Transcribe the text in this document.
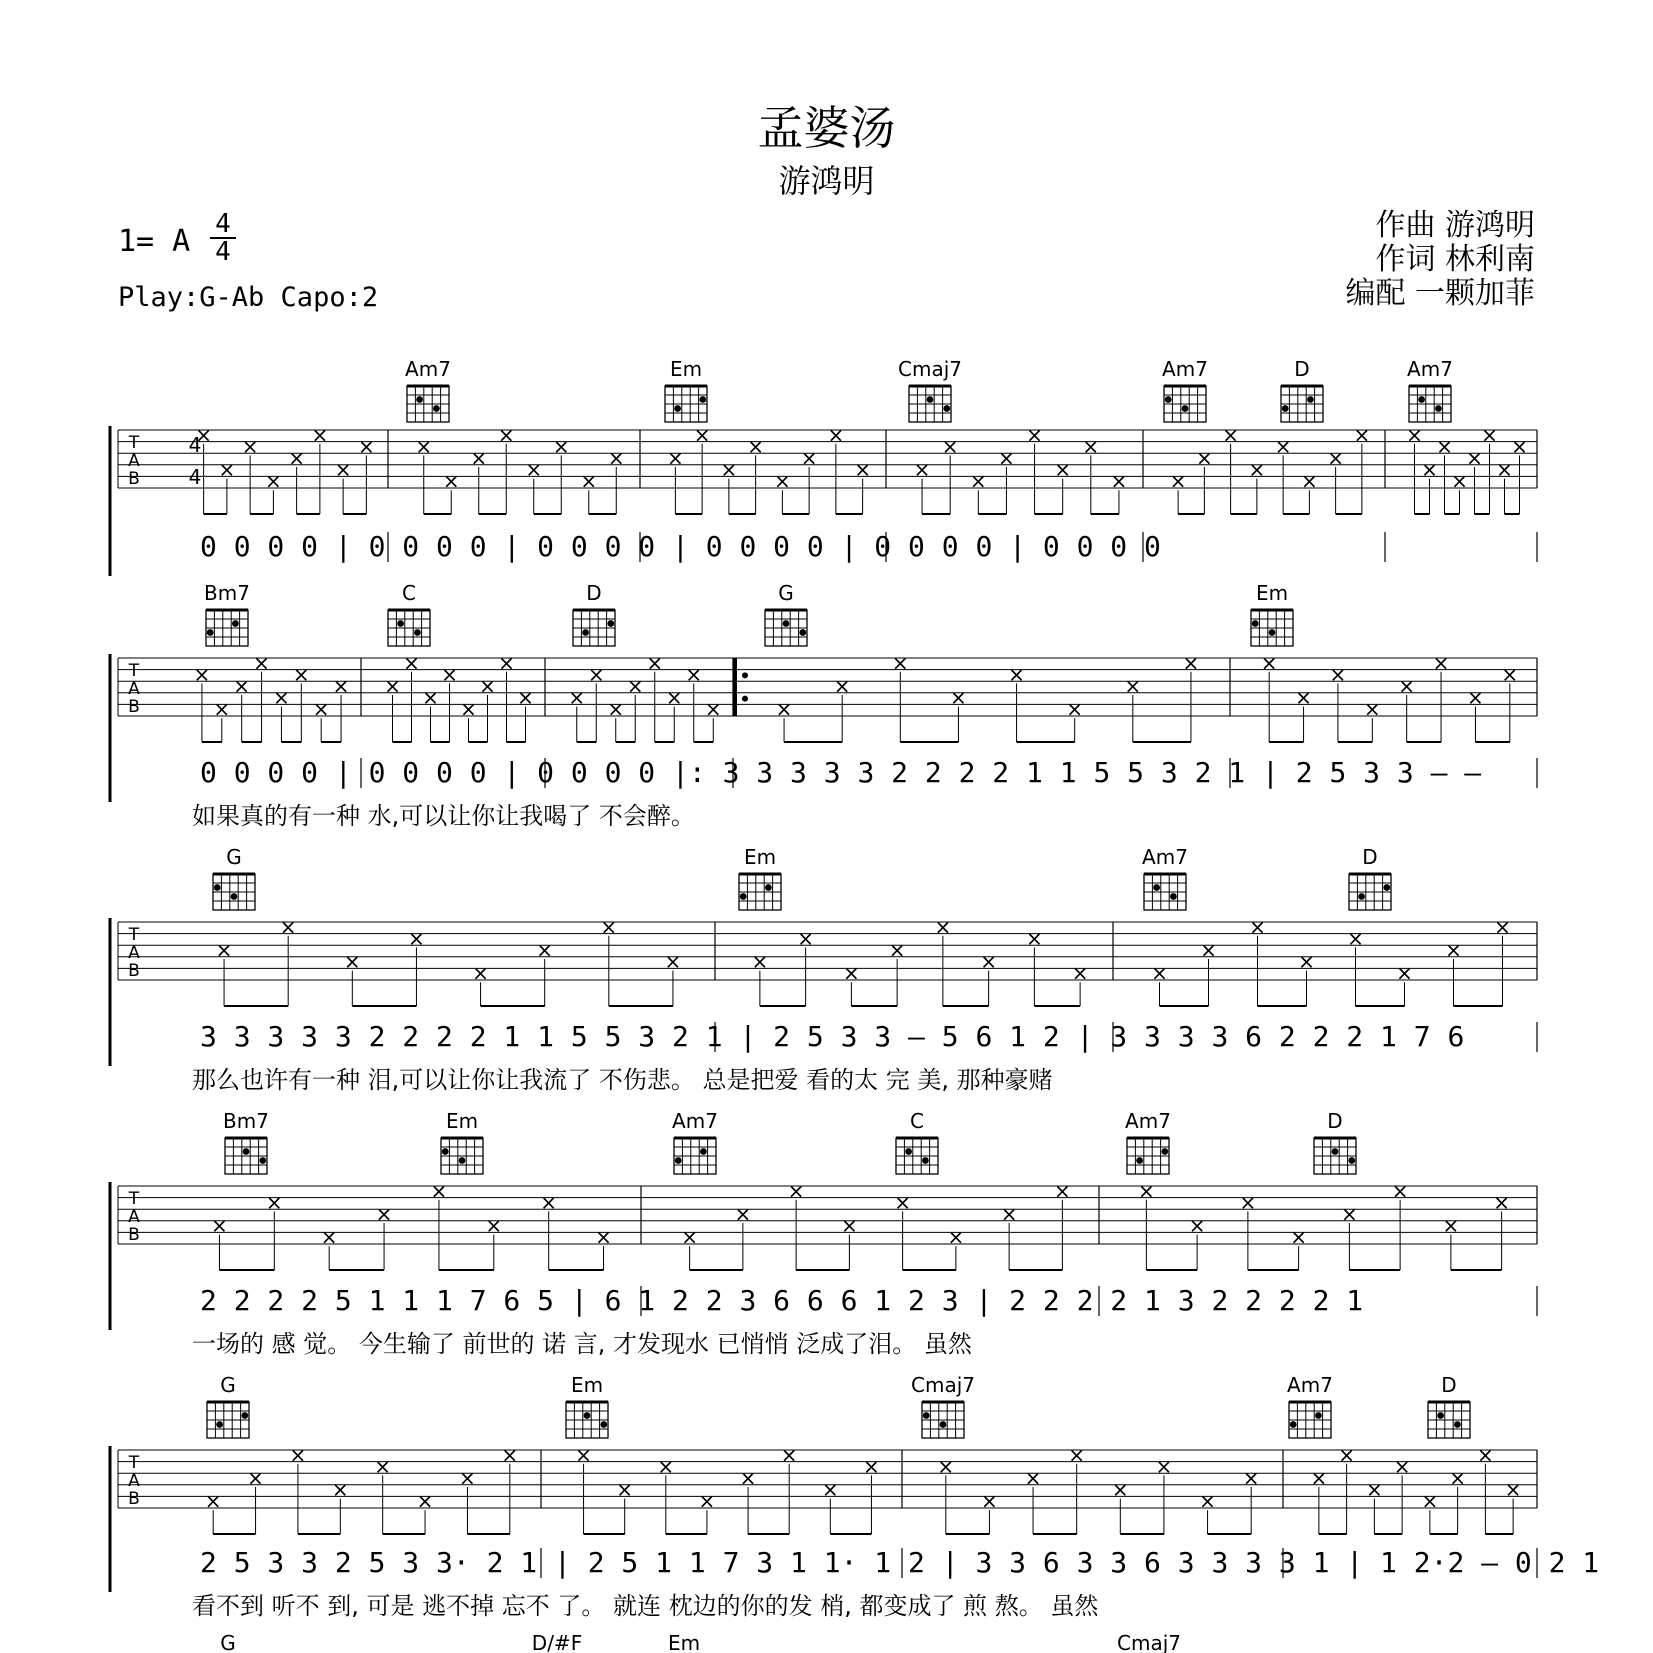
孟婆汤
游鸿明
1= A 4
4
Play:G-Ab Capo:2
作曲 游鸿明
作词 林利南
编配 一颗加菲
Am7	Em	Cmaj7	Am7	D	Am7
T
A
B
×
×
×
×
×
×
×
× ×
×
×
×
×
×
×
× ×
×
×
×
×
×
×
× ×
×
×
×
×
×
×
× ×
×
×
×
×
×
×
× ×
×
×
×
×
×
×
×
0 0 0 0 | 0 0 0 0 | 0 0 0 0 | 0 0 0 0 | 0 0 0 0 | 0 0 0 0
Bm7	C	D	G	Em
T
A
B
×
×
×
×
×
×
×
× ×
×
×
×
×
×
×
× ×
×
×
×
×
×
×
×	×
×
×
×
×
×
×
×	×
×
×
×
×
×
×
×
0 0 0 0 | 0 0 0 0 | 0 0 0 0 |: 3 3 3 3 3 2 2 2 2 1 1 5 5 3 2 1 | 2 5 3 3 – –
如果真的有一种 水,可以让你让我喝了 不会醉。
G	Em	Am7	D
T
A
B
×
×
×
×
×
×
×
×	×
×
×
×
×
×
×
×	×
×
×
×
×
×
×
×
3 3 3 3 3 2 2 2 2 1 1 5 5 3 2 1 | 2 5 3 3 – 5 6 1 2 | 3 3 3 3 6 2 2 2 1 7 6
那么也许有一种 泪,可以让你让我流了 不伤悲。 总是把爱 看的太 完 美, 那种豪赌
Bm7	Em	Am7	C	Am7	D
T
A
B	×
×
×
×
×
×
×
×	×
×
×
×
×
×
×
×	×
×
×
×
×
×
×
×
2 2 2 2 5 1 1 1 7 6 5 | 6 1 2 2 3 6 6 6 1 2 3 | 2 2 2 2 1 3 2 2 2 2 1
一场的 感 觉。 今生输了 前世的 诺 言, 才发现水 已悄悄 泛成了泪。 虽然
G	Em	Cmaj7	Am7	D
T
A
B	×
×
×
×
×
×
×
×	×
×
×
×
×
×
×
×	×
×
×
×
×
×
×
×	×
×
×
×
×
×
×
×
2 5 3 3 2 5 3 3· 2 1 | 2 5 1 1 7 3 1 1· 1 2 | 3 3 6 3 3 6 3 3 3 3 1 | 1 2·2 – 0 2 1
看不到 听不 到, 可是 逃不掉 忘不 了。 就连 枕边的你的发 梢, 都变成了 煎 熬。 虽然
G	D/#F	Em	Cmaj7
4
4
